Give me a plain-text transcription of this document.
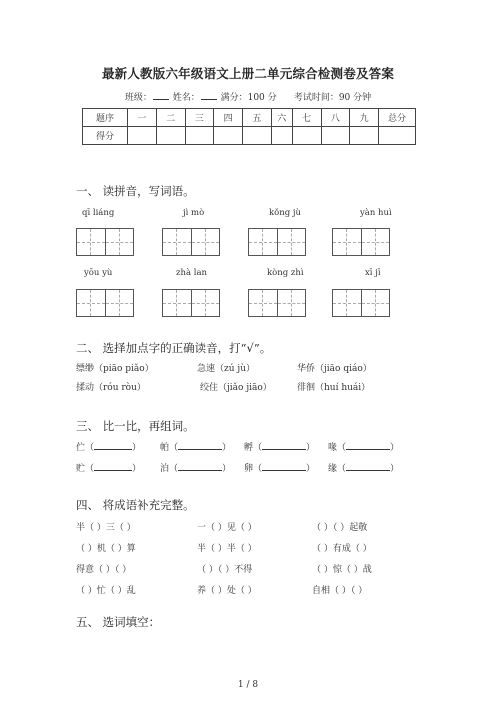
最新人教版六年级语文上册二单元综合检测卷及答案
班级： 姓名： 满分：100 分 考试时间：90 分钟
题序	一	二	三	四	五	六	七	八	九	总分
得分										
一、 读拼音，写词语。
qī liáng	jì mò	kǒng jù	yàn huì
yōu yù	zhà lan	kòng zhì	xī jī
二、 选择加点字的正确读音，打“√”。
缥缈（piāo piǎo）	急速（zú jù）	华侨（jiāo qiáo）
揉动（róu ròu）	绞住（jiǎo jiāo）	徘徊（huí huái）
三、 比一比，再组词。
伫（	） 帕（	） 孵（	） 喙（	）
贮（	） 泊（	） 卵（	） 缘（	）
四、 将成语补充完整。
半（ ）三（ ）	一（ ）见（ ）	（ ）（ ）起敬
（ ）机（ ）算	半（ ）半（ ）	（ ）有成（ ）
得意（ ）（ ）	（ ）（ ）不得	（ ）惊（ ）战
（ ）忙（ ）乱	养（ ）处（ ）	自相（ ）（ ）
五、 选词填空：
1 / 8
